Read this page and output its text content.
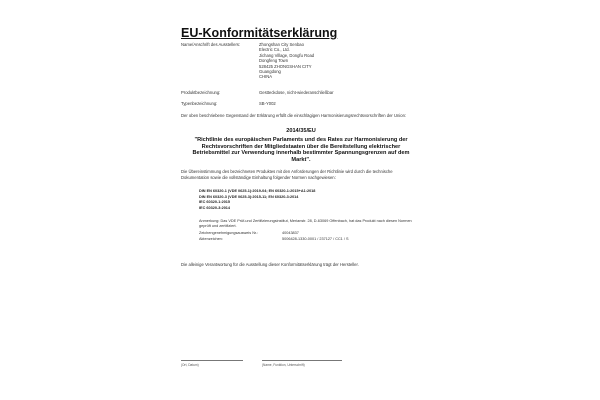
EU-Konformitätserklärung
Name/Anschrift des Ausstellers:	Zhongshan City Senbao
Electric Co., Ltd.
Jichang Village, Dongfu Road
Dongfeng Town
528425 ZHONGSHAN CITY
Guangdong
CHINA
Produktbezeichnung:	Gestteckdose, nicht-wiederanschließbar
Typenbezeichnung:	SB-Y002
Der oben beschriebene Gegenstand der Erklärung erfüllt die einschlägigen Harmonisierungsrechtsvorschriften der Union:
2014/35/EU
"Richtlinie des europäischen Parlaments und des Rates zur Harmonisierung der Rechtsvorschriften der Mitgliedstaaten über die Bereitstellung elektrischer Betriebsmittel zur Verwendung innerhalb bestimmter Spannungsgrenzen auf dem Markt".
Die Übereinstimmung des bezeichneten Produktes mit den Anforderungen der Richtlinie wird durch die technische Dokumentation sowie die vollständige Einhaltung folgender Normen nachgewiesen:
DIN EN 60320-1 (VDE 0625-1):2019-04; EN 60320-1:2015+A1:2018
DIN EN 60320-3 (VDE 0625-3):2015-11; EN 60320-3:2014
IEC 60320-1:2015
IEC 60320-3:2014
Anmerkung: Das VDE Prüf-und Zertifizierungsinstitut, Merianstr. 28, D-63069 Offenbach, hat das Produkt nach diesen Normen geprüft und zertifiziert.
Zeichengenehmigungsausweis Nr.:	40043837
Aktenzeichen:	5006428-1330-0001 / 237127 / CC1 / S
Die alleinige Verantwortung für die Ausstellung dieser Konformitätserklärung trägt der Hersteller.
(Ort, Datum)	(Name, Funktion, Unterschrift)
